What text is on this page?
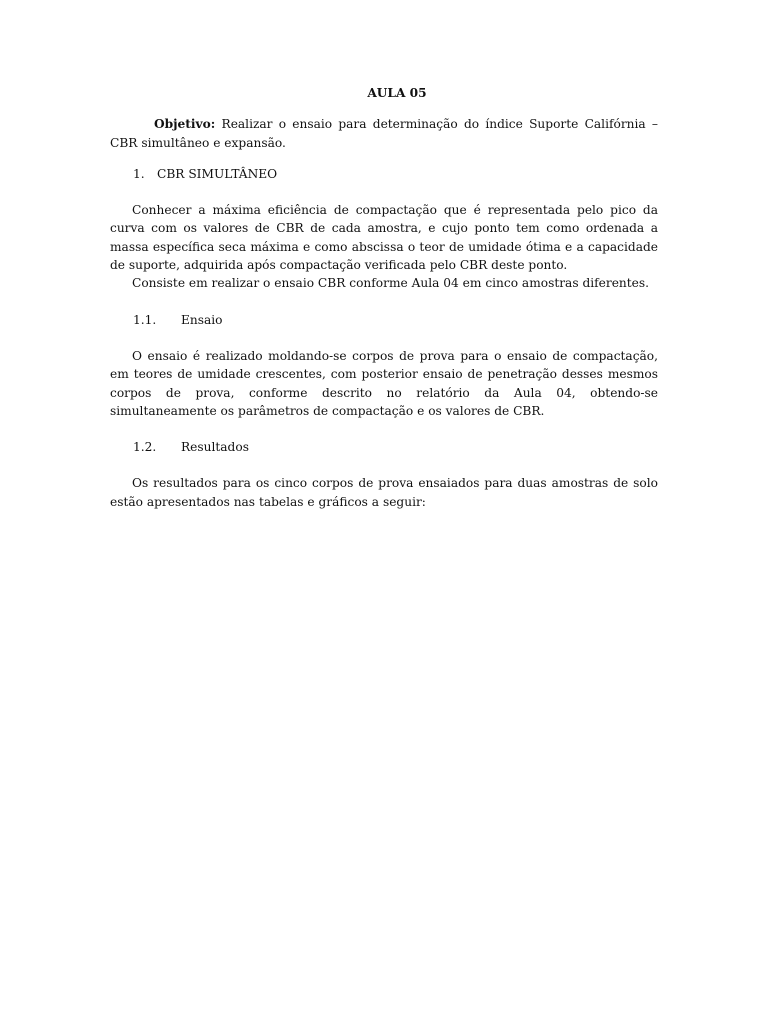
AULA 05

Objetivo: Realizar o ensaio para determinação do índice Suporte Califórnia – CBR simultâneo e expansão.

1.	CBR SIMULTÂNEO

Conhecer a máxima eficiência de compactação que é representada pelo pico da curva com os valores de CBR de cada amostra, e cujo ponto tem como ordenada a massa específica seca máxima e como abscissa o teor de umidade ótima e a capacidade de suporte, adquirida após compactação verificada pelo CBR deste ponto.

Consiste em realizar o ensaio CBR conforme Aula 04 em cinco amostras diferentes.

1.1.	Ensaio

O ensaio é realizado moldando-se corpos de prova para o ensaio de compactação, em teores de umidade crescentes, com posterior ensaio de penetração desses mesmos corpos de prova, conforme descrito no relatório da Aula 04, obtendo-se simultaneamente os parâmetros de compactação e os valores de CBR.

1.2.	Resultados

Os resultados para os cinco corpos de prova ensaiados para duas amostras de solo estão apresentados nas tabelas e gráficos a seguir:
